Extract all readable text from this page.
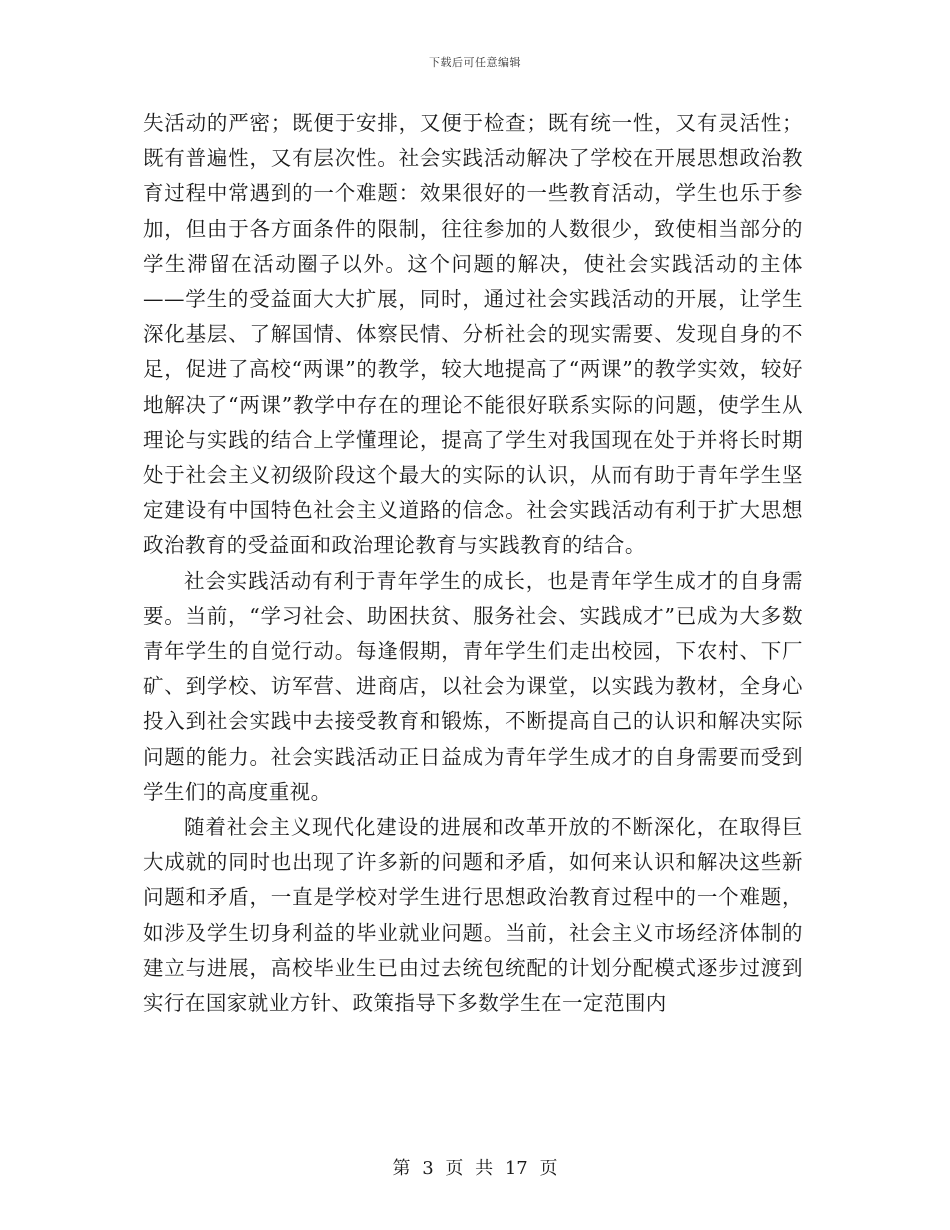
下载后可任意编辑

失活动的严密；既便于安排，又便于检查；既有统一性，又有灵活性；既有普遍性，又有层次性。社会实践活动解决了学校在开展思想政治教育过程中常遇到的一个难题：效果很好的一些教育活动，学生也乐于参加，但由于各方面条件的限制，往往参加的人数很少，致使相当部分的学生滞留在活动圈子以外。这个问题的解决，使社会实践活动的主体——学生的受益面大大扩展，同时，通过社会实践活动的开展，让学生深化基层、了解国情、体察民情、分析社会的现实需要、发现自身的不足，促进了高校“两课”的教学，较大地提高了“两课”的教学实效，较好地解决了“两课”教学中存在的理论不能很好联系实际的问题，使学生从理论与实践的结合上学懂理论，提高了学生对我国现在处于并将长时期处于社会主义初级阶段这个最大的实际的认识，从而有助于青年学生坚定建设有中国特色社会主义道路的信念。社会实践活动有利于扩大思想政治教育的受益面和政治理论教育与实践教育的结合。

社会实践活动有利于青年学生的成长，也是青年学生成才的自身需要。当前，“学习社会、助困扶贫、服务社会、实践成才”已成为大多数青年学生的自觉行动。每逢假期，青年学生们走出校园，下农村、下厂矿、到学校、访军营、进商店，以社会为课堂，以实践为教材，全身心投入到社会实践中去接受教育和锻炼，不断提高自己的认识和解决实际问题的能力。社会实践活动正日益成为青年学生成才的自身需要而受到学生们的高度重视。

随着社会主义现代化建设的进展和改革开放的不断深化，在取得巨大成就的同时也出现了许多新的问题和矛盾，如何来认识和解决这些新问题和矛盾，一直是学校对学生进行思想政治教育过程中的一个难题，如涉及学生切身利益的毕业就业问题。当前，社会主义市场经济体制的建立与进展，高校毕业生已由过去统包统配的计划分配模式逐步过渡到实行在国家就业方针、政策指导下多数学生在一定范围内

第 3 页 共 17 页
